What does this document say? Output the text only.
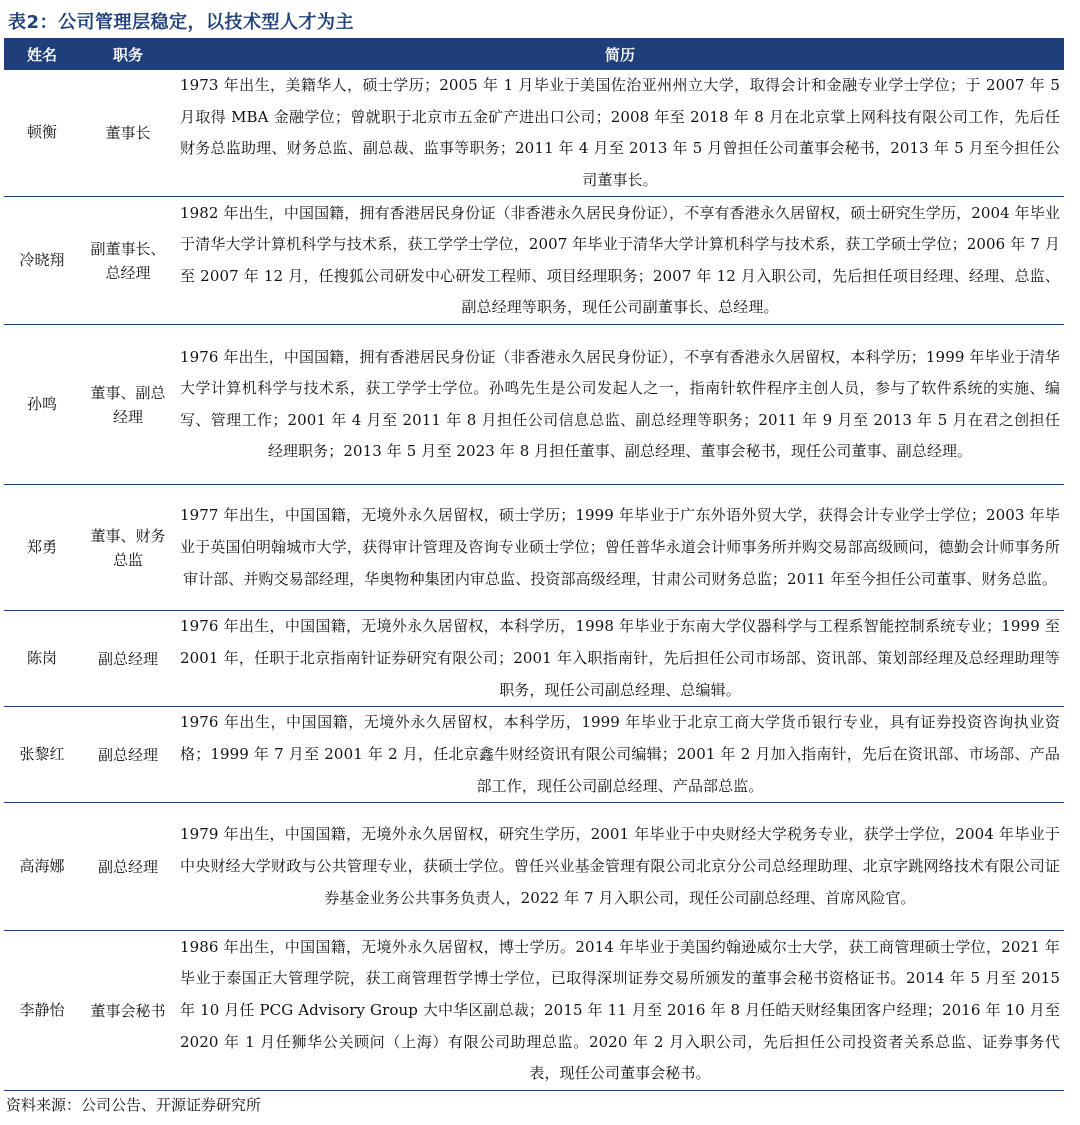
表2：公司管理层稳定，以技术型人才为主
姓名	职务	简历
顿衡	董事长	1973 年出生，美籍华人，硕士学历；2005 年 1 月毕业于美国佐治亚州州立大学，取得会计和金融专业学士学位；于 2007 年 5 月取得 MBA 金融学位；曾就职于北京市五金矿产进出口公司；2008 年至 2018 年 8 月在北京掌上网科技有限公司工作，先后任财务总监助理、财务总监、副总裁、监事等职务；2011 年 4 月至 2013 年 5 月曾担任公司董事会秘书，2013 年 5 月至今担任公司董事长。
冷晓翔	副董事长、总经理	1982 年出生，中国国籍，拥有香港居民身份证（非香港永久居民身份证），不享有香港永久居留权，硕士研究生学历，2004 年毕业于清华大学计算机科学与技术系，获工学学士学位，2007 年毕业于清华大学计算机科学与技术系，获工学硕士学位；2006 年 7 月至 2007 年 12 月，任搜狐公司研发中心研发工程师、项目经理职务；2007 年 12 月入职公司，先后担任项目经理、经理、总监、副总经理等职务，现任公司副董事长、总经理。
孙鸣	董事、副总经理	1976 年出生，中国国籍，拥有香港居民身份证（非香港永久居民身份证），不享有香港永久居留权，本科学历；1999 年毕业于清华大学计算机科学与技术系，获工学学士学位。孙鸣先生是公司发起人之一，指南针软件程序主创人员，参与了软件系统的实施、编写、管理工作；2001 年 4 月至 2011 年 8 月担任公司信息总监、副总经理等职务；2011 年 9 月至 2013 年 5 月在君之创担任经理职务；2013 年 5 月至 2023 年 8 月担任董事、副总经理、董事会秘书，现任公司董事、副总经理。
郑勇	董事、财务总监	1977 年出生，中国国籍，无境外永久居留权，硕士学历；1999 年毕业于广东外语外贸大学，获得会计专业学士学位；2003 年毕业于英国伯明翰城市大学，获得审计管理及咨询专业硕士学位；曾任普华永道会计师事务所并购交易部高级顾问，德勤会计师事务所审计部、并购交易部经理，华奥物种集团内审总监、投资部高级经理，甘肃公司财务总监；2011 年至今担任公司董事、财务总监。
陈岗	副总经理	1976 年出生，中国国籍，无境外永久居留权，本科学历，1998 年毕业于东南大学仪器科学与工程系智能控制系统专业；1999 至 2001 年，任职于北京指南针证券研究有限公司；2001 年入职指南针，先后担任公司市场部、资讯部、策划部经理及总经理助理等职务，现任公司副总经理、总编辑。
张黎红	副总经理	1976 年出生，中国国籍，无境外永久居留权，本科学历，1999 年毕业于北京工商大学货币银行专业，具有证券投资咨询执业资格；1999 年 7 月至 2001 年 2 月，任北京鑫牛财经资讯有限公司编辑；2001 年 2 月加入指南针，先后在资讯部、市场部、产品部工作，现任公司副总经理、产品部总监。
高海娜	副总经理	1979 年出生，中国国籍，无境外永久居留权，研究生学历，2001 年毕业于中央财经大学税务专业，获学士学位，2004 年毕业于中央财经大学财政与公共管理专业，获硕士学位。曾任兴业基金管理有限公司北京分公司总经理助理、北京字跳网络技术有限公司证券基金业务公共事务负责人，2022 年 7 月入职公司，现任公司副总经理、首席风险官。
李静怡	董事会秘书	1986 年出生，中国国籍，无境外永久居留权，博士学历。2014 年毕业于美国约翰逊威尔士大学，获工商管理硕士学位，2021 年毕业于泰国正大管理学院，获工商管理哲学博士学位，已取得深圳证券交易所颁发的董事会秘书资格证书。2014 年 5 月至 2015 年 10 月任 PCG Advisory Group 大中华区副总裁；2015 年 11 月至 2016 年 8 月任皓天财经集团客户经理；2016 年 10 月至 2020 年 1 月任狮华公关顾问（上海）有限公司助理总监。2020 年 2 月入职公司，先后担任公司投资者关系总监、证券事务代表，现任公司董事会秘书。
资料来源：公司公告、开源证券研究所
